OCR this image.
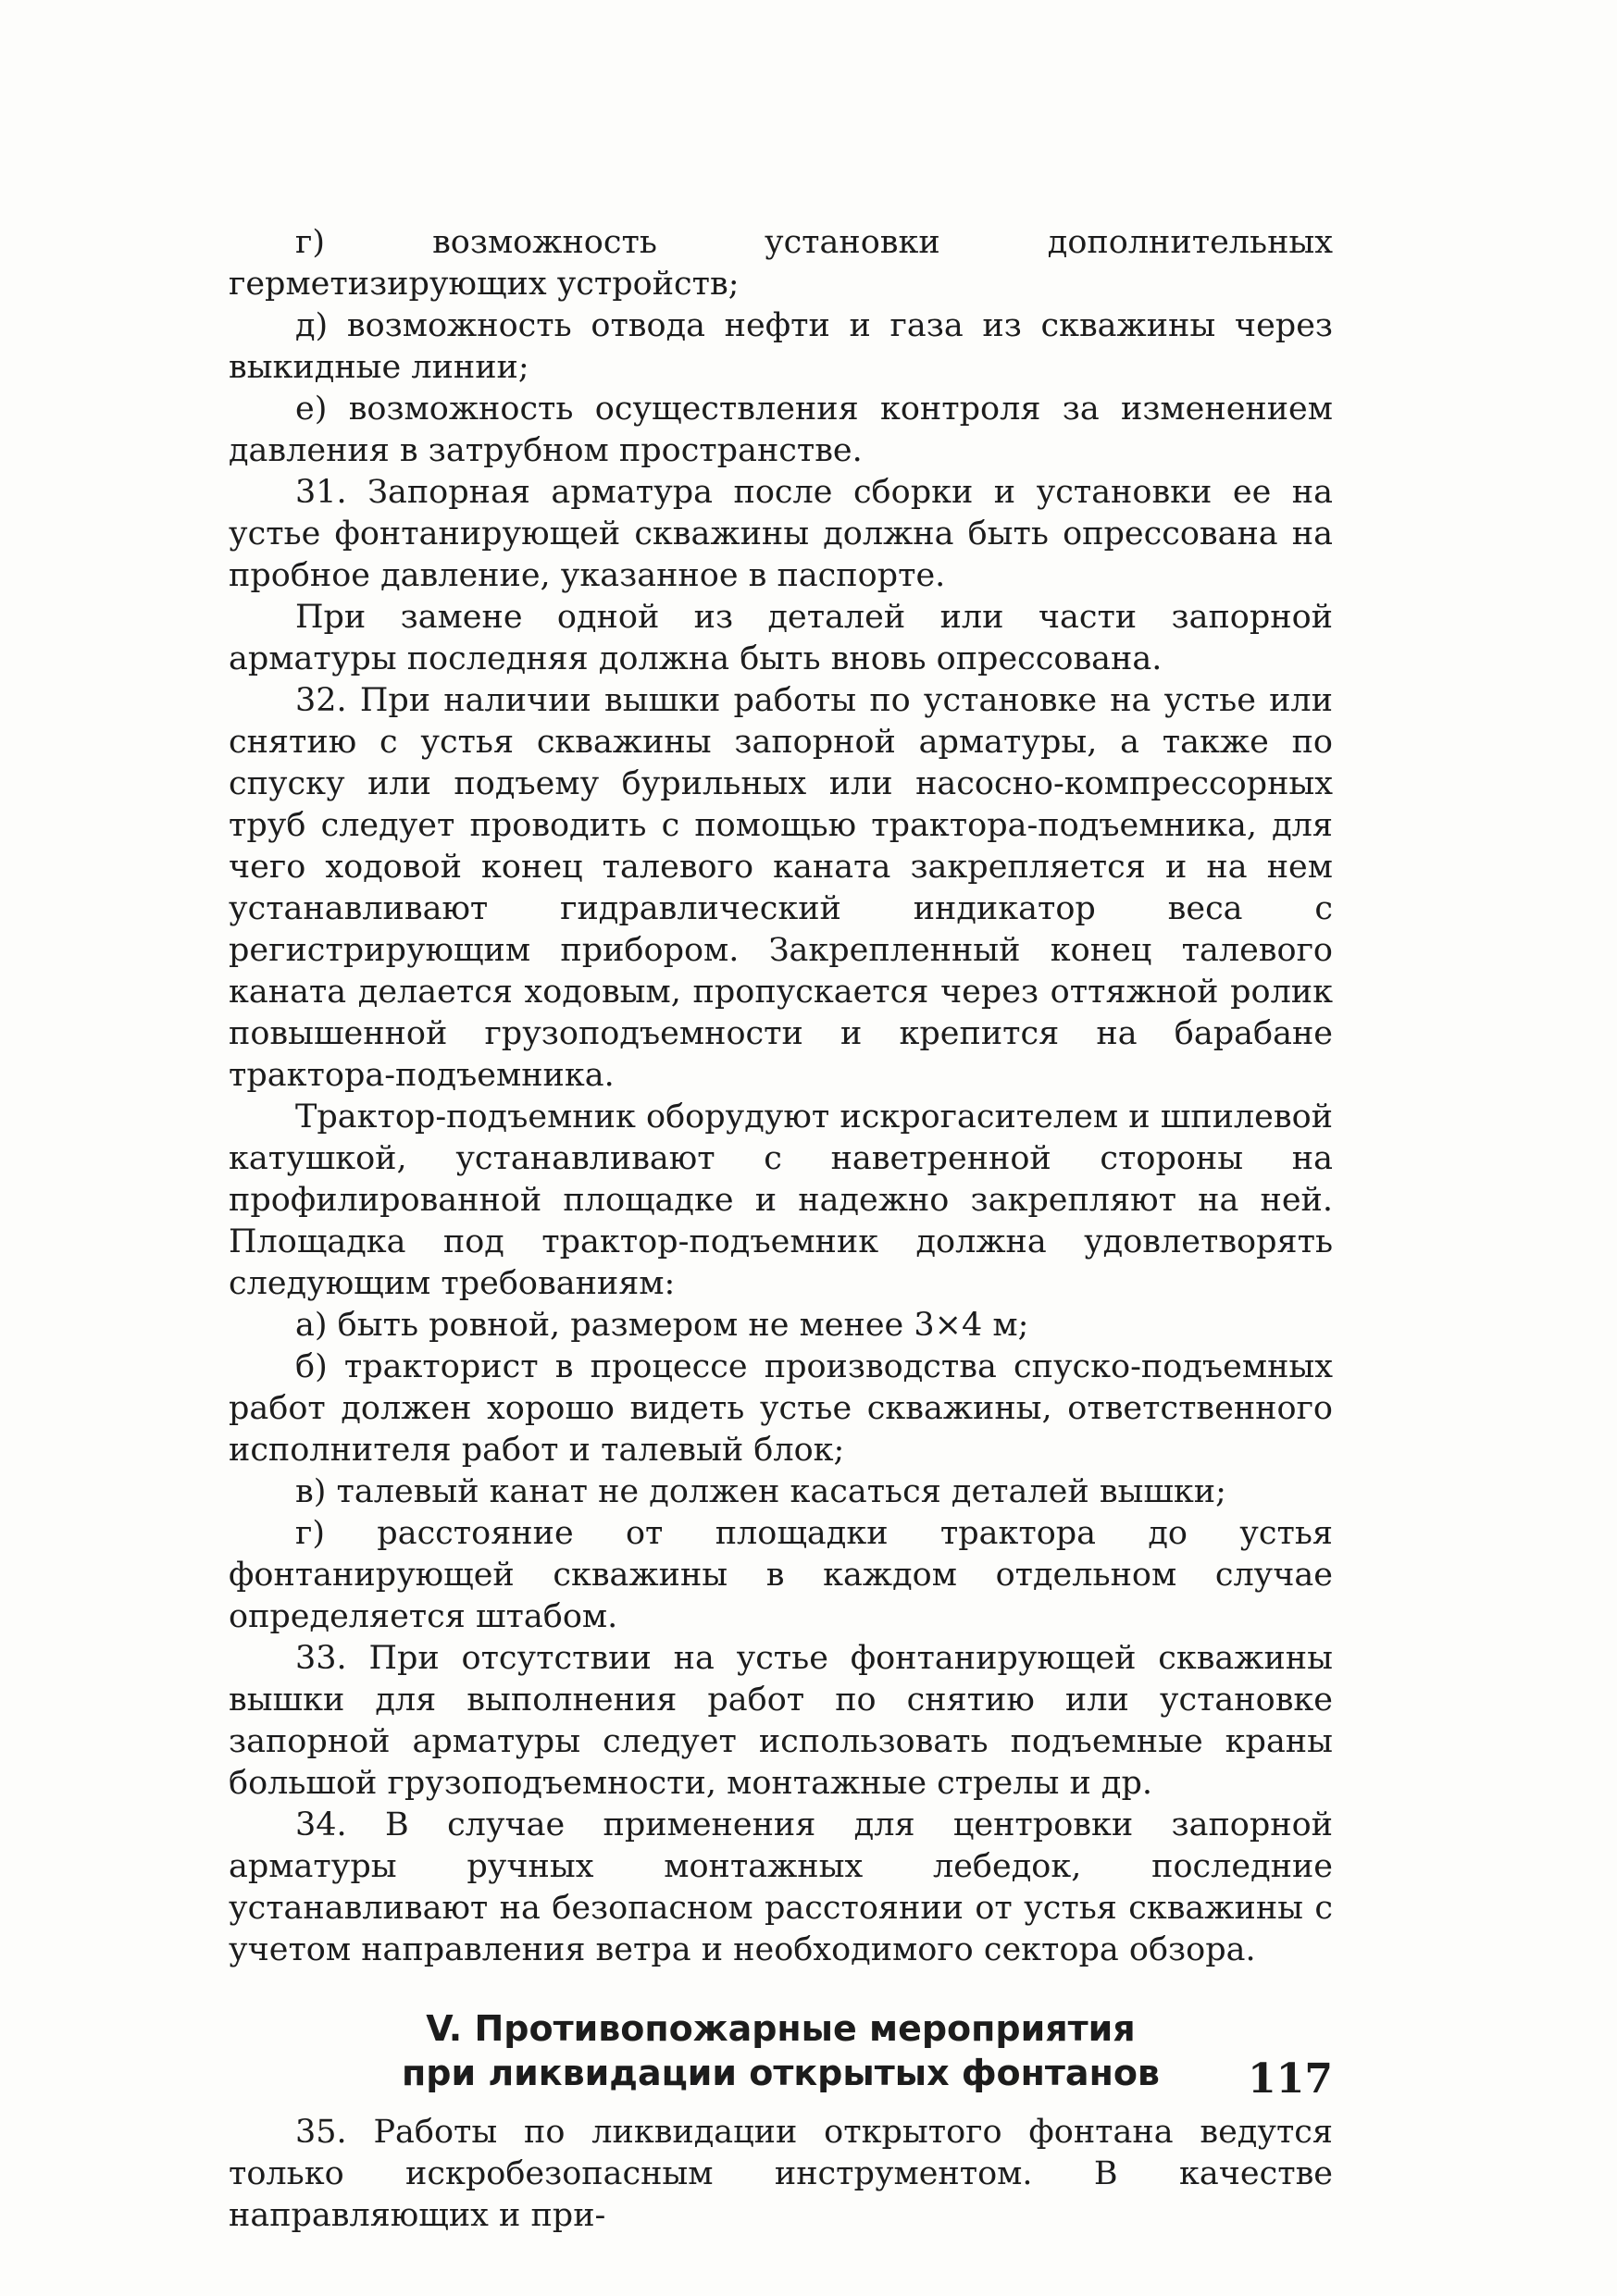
г) возможность установки дополнительных герметизирующих устройств;

д) возможность отвода нефти и газа из скважины через выкидные линии;

е) возможность осуществления контроля за изменением давления в затрубном пространстве.

31. Запорная арматура после сборки и установки ее на устье фонтанирующей скважины должна быть опрессована на пробное давление, указанное в паспорте.

При замене одной из деталей или части запорной арматуры последняя должна быть вновь опрессована.

32. При наличии вышки работы по установке на устье или снятию с устья скважины запорной арматуры, а также по спуску или подъему бурильных или насосно-компрессорных труб следует проводить с помощью трактора-подъемника, для чего ходовой конец талевого каната закрепляется и на нем устанавливают гидравлический индикатор веса с регистрирующим прибором. Закрепленный конец талевого каната делается ходовым, пропускается через оттяжной ролик повышенной грузоподъемности и крепится на барабане трактора-подъемника.

Трактор-подъемник оборудуют искрогасителем и шпилевой катушкой, устанавливают с наветренной стороны на профилированной площадке и надежно закрепляют на ней. Площадка под трактор-подъемник должна удовлетворять следующим требованиям:

а) быть ровной, размером не менее 3×4 м;

б) тракторист в процессе производства спуско-подъемных работ должен хорошо видеть устье скважины, ответственного исполнителя работ и талевый блок;

в) талевый канат не должен касаться деталей вышки;

г) расстояние от площадки трактора до устья фонтанирующей скважины в каждом отдельном случае определяется штабом.

33. При отсутствии на устье фонтанирующей скважины вышки для выполнения работ по снятию или установке запорной арматуры следует использовать подъемные краны большой грузоподъемности, монтажные стрелы и др.

34. В случае применения для центровки запорной арматуры ручных монтажных лебедок, последние устанавливают на безопасном расстоянии от устья скважины с учетом направления ветра и необходимого сектора обзора.

V. Противопожарные мероприятия
при ликвидации открытых фонтанов

35. Работы по ликвидации открытого фонтана ведутся только искробезопасным инструментом. В качестве направляющих и при-

117
